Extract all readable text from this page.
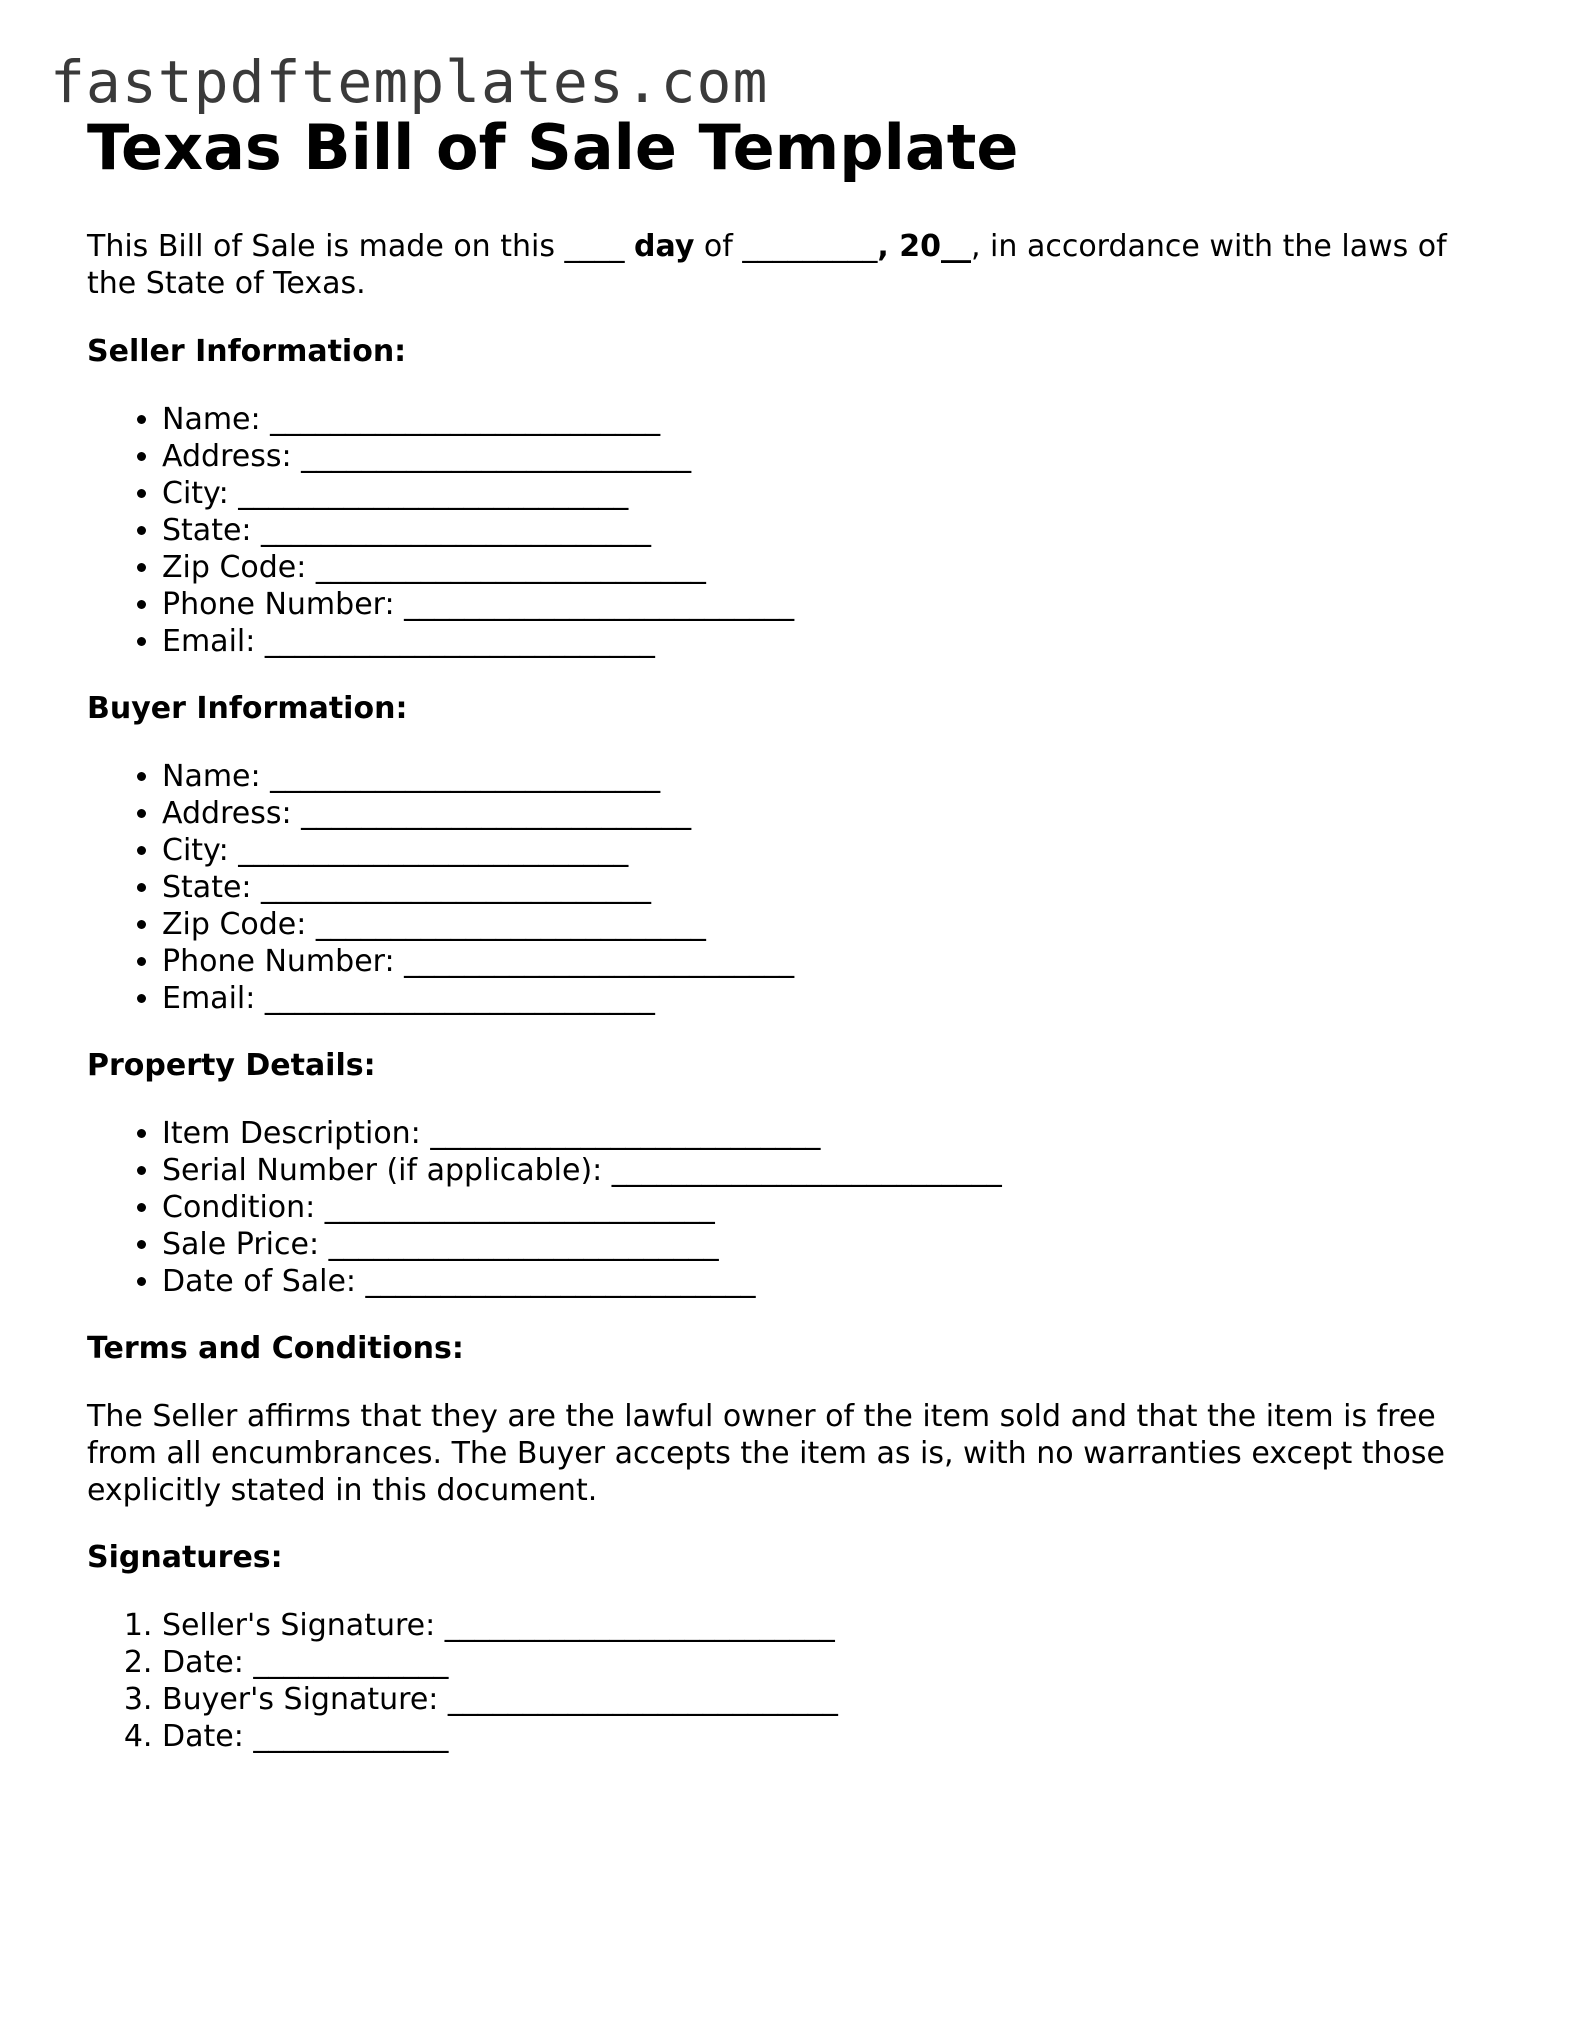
fastpdftemplates.com
Texas Bill of Sale Template

This Bill of Sale is made on this ____ day of _________, 20__, in accordance with the laws of the State of Texas.

Seller Information:
• Name: __________________________
• Address: __________________________
• City: __________________________
• State: __________________________
• Zip Code: __________________________
• Phone Number: __________________________
• Email: __________________________
Buyer Information:
• Name: __________________________
• Address: __________________________
• City: __________________________
• State: __________________________
• Zip Code: __________________________
• Phone Number: __________________________
• Email: __________________________
Property Details:
• Item Description: __________________________
• Serial Number (if applicable): __________________________
• Condition: __________________________
• Sale Price: __________________________
• Date of Sale: __________________________
Terms and Conditions:

The Seller affirms that they are the lawful owner of the item sold and that the item is free from all encumbrances. The Buyer accepts the item as is, with no warranties except those explicitly stated in this document.

Signatures:
1. Seller's Signature: __________________________
2. Date: _____________
3. Buyer's Signature: __________________________
4. Date: _____________
